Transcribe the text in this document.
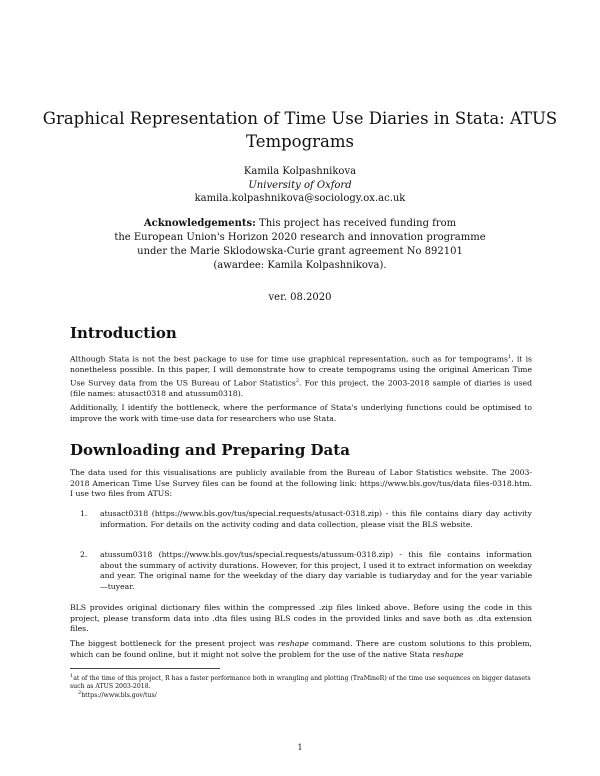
Graphical Representation of Time Use Diaries in Stata: ATUS
Tempograms
Kamila Kolpashnikova
University of Oxford
kamila.kolpashnikova@sociology.ox.ac.uk
Acknowledgements: This project has received funding from
the European Union's Horizon 2020 research and innovation programme
under the Marie Sklodowska-Curie grant agreement No 892101
(awardee: Kamila Kolpashnikova).
ver. 08.2020
Introduction
Although Stata is not the best package to use for time use graphical representation, such as for tempograms$^1$, it is nonetheless possible. In this paper, I will demonstrate how to create tempograms using the original American Time Use Survey data from the US Bureau of Labor Statistics$^2$. For this project, the 2003-2018 sample of diaries is used (file names: atusact0318 and atussum0318).
Additionally, I identify the bottleneck, where the performance of Stata's underlying functions could be optimised to improve the work with time-use data for researchers who use Stata.
Downloading and Preparing Data
The data used for this visualisations are publicly available from the Bureau of Labor Statistics website. The 2003-2018 American Time Use Survey files can be found at the following link: https://www.bls.gov/tus/data files-0318.htm. I use two files from ATUS:
1.	atusact0318 (https://www.bls.gov/tus/special.requests/atusact-0318.zip) - this file contains diary day activity information. For details on the activity coding and data collection, please visit the BLS website.
2.	atussum0318 (https://www.bls.gov/tus/special.requests/atussum-0318.zip) - this file contains information about the summary of activity durations. However, for this project, I used it to extract information on weekday and year. The original name for the weekday of the diary day variable is tudiaryday and for the year variable—tuyear.
BLS provides original dictionary files within the compressed .zip files linked above. Before using the code in this project, please transform data into .dta files using BLS codes in the provided links and save both as .dta extension files.
The biggest bottleneck for the present project was reshape command. There are custom solutions to this problem, which can be found online, but it might not solve the problem for the use of the native Stata reshape
$^1$at of the time of this project, R has a faster performance both in wrangling and plotting (TraMineR) of the time use sequences on bigger datasets such as ATUS 2003-2018.
$^2$https://www.bls.gov/tus/
1
